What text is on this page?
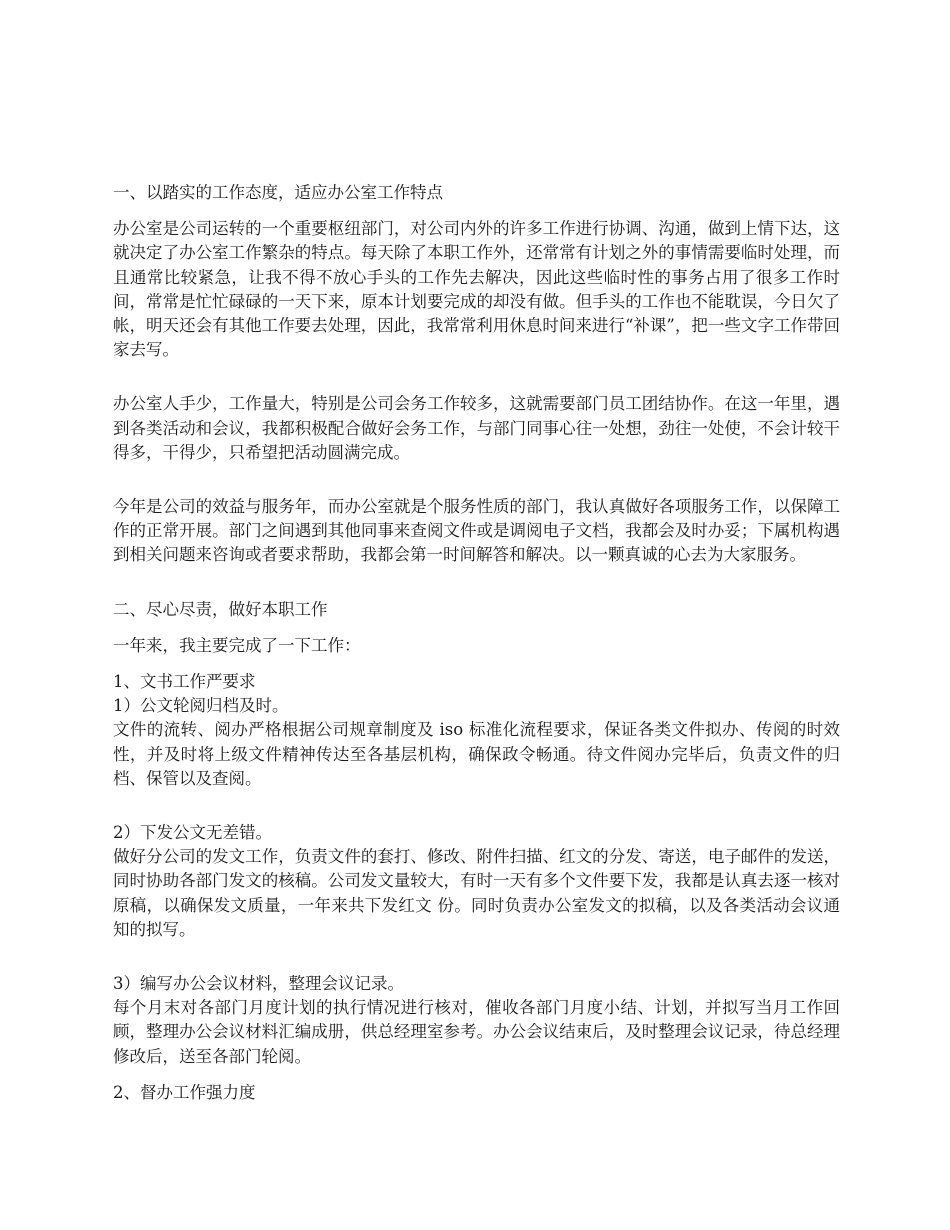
一、以踏实的工作态度，适应办公室工作特点

办公室是公司运转的一个重要枢纽部门，对公司内外的许多工作进行协调、沟通，做到上情下达，这就决定了办公室工作繁杂的特点。每天除了本职工作外，还常常有计划之外的事情需要临时处理，而且通常比较紧急，让我不得不放心手头的工作先去解决，因此这些临时性的事务占用了很多工作时间，常常是忙忙碌碌的一天下来，原本计划要完成的却没有做。但手头的工作也不能耽误，今日欠了帐，明天还会有其他工作要去处理，因此，我常常利用休息时间来进行“补课”，把一些文字工作带回家去写。

办公室人手少，工作量大，特别是公司会务工作较多，这就需要部门员工团结协作。在这一年里，遇到各类活动和会议，我都积极配合做好会务工作，与部门同事心往一处想，劲往一处使，不会计较干得多，干得少，只希望把活动圆满完成。

今年是公司的效益与服务年，而办公室就是个服务性质的部门，我认真做好各项服务工作，以保障工作的正常开展。部门之间遇到其他同事来查阅文件或是调阅电子文档，我都会及时办妥；下属机构遇到相关问题来咨询或者要求帮助，我都会第一时间解答和解决。以一颗真诚的心去为大家服务。

二、尽心尽责，做好本职工作

一年来，我主要完成了一下工作：

1、文书工作严要求

1）公文轮阅归档及时。

文件的流转、阅办严格根据公司规章制度及 iso 标准化流程要求，保证各类文件拟办、传阅的时效性，并及时将上级文件精神传达至各基层机构，确保政令畅通。待文件阅办完毕后，负责文件的归档、保管以及查阅。

2）下发公文无差错。

做好分公司的发文工作，负责文件的套打、修改、附件扫描、红文的分发、寄送，电子邮件的发送，同时协助各部门发文的核稿。公司发文量较大，有时一天有多个文件要下发，我都是认真去逐一核对原稿，以确保发文质量，一年来共下发红文 份。同时负责办公室发文的拟稿，以及各类活动会议通知的拟写。

3）编写办公会议材料，整理会议记录。

每个月末对各部门月度计划的执行情况进行核对，催收各部门月度小结、计划，并拟写当月工作回顾，整理办公会议材料汇编成册，供总经理室参考。办公会议结束后，及时整理会议记录，待总经理修改后，送至各部门轮阅。

2、督办工作强力度
